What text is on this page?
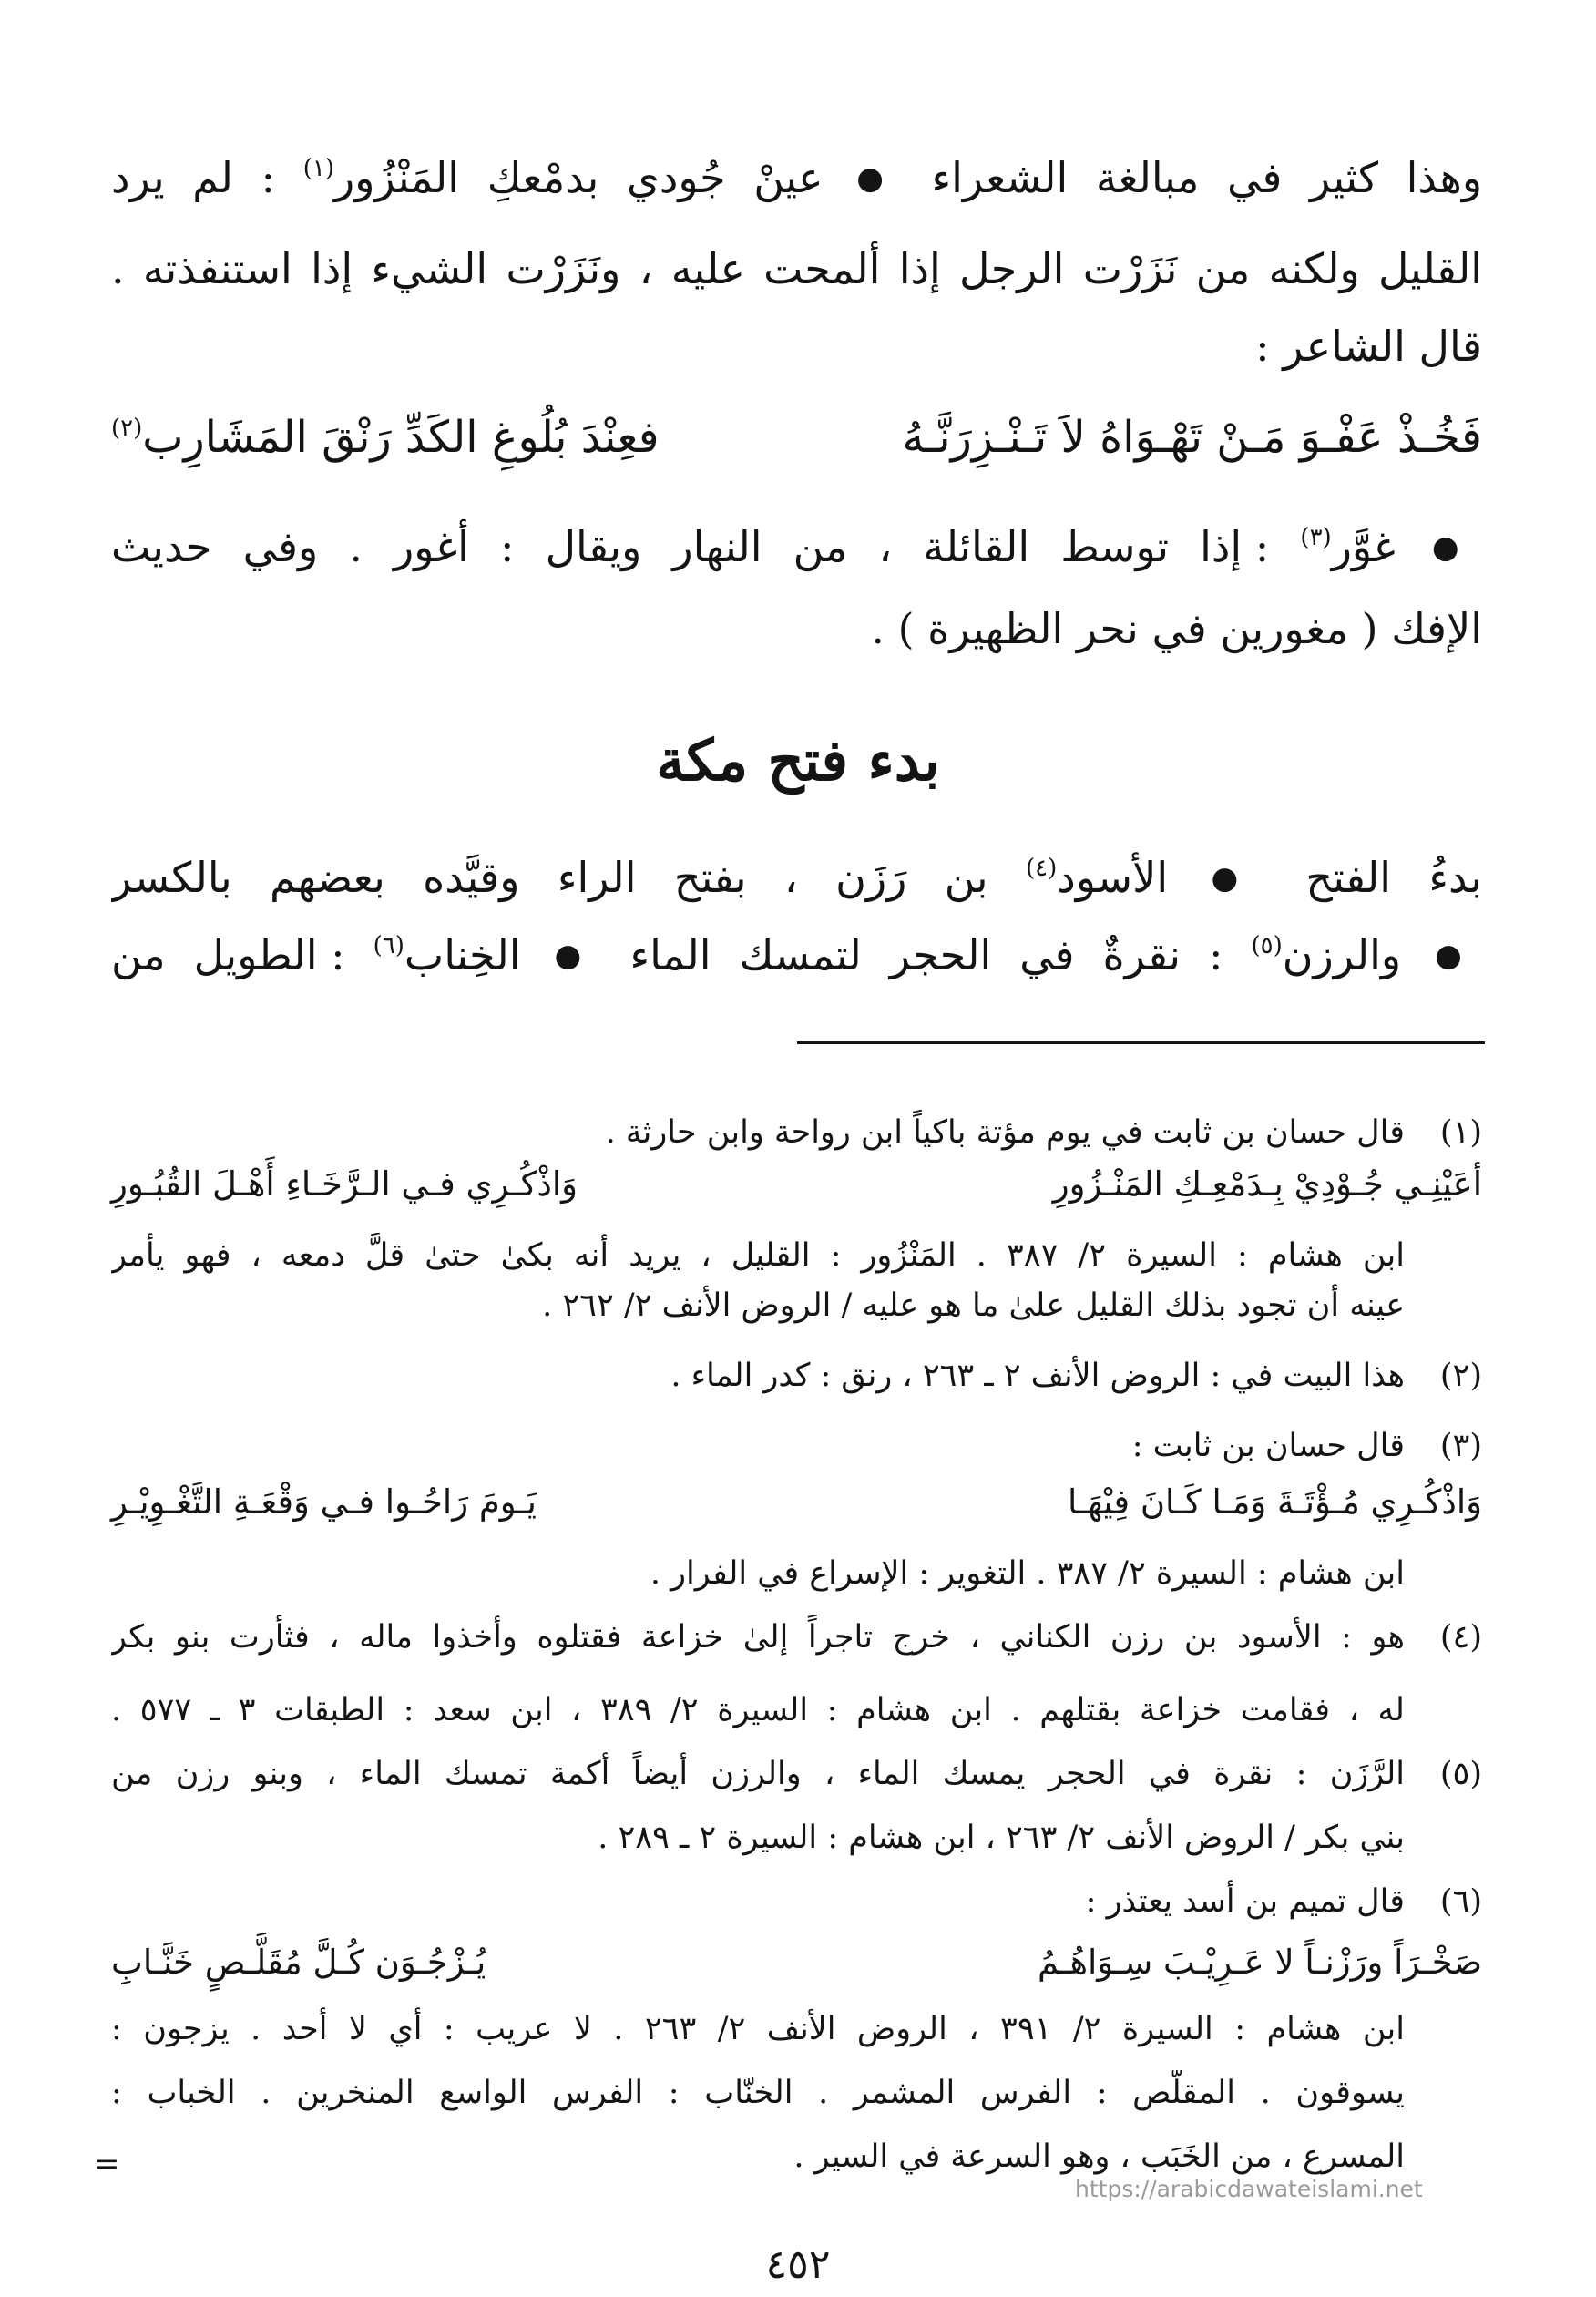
وهذا كثير في مبالغة الشعراء ● عينْ جُودي بدمْعكِ المَنْزُور$^{(١)}$ : لم يرد
القليل ولكنه من نَزَرْت الرجل إذا ألمحت عليه ، ونَزَرْت الشيء إذا استنفذته .
قال الشاعر :
فَخُـذْ عَفْـوَ مَـنْ تَهْـوَاهُ لاَ تَـنْـزِرَنَّـهُ
فعِنْدَ بُلُوغِ الكَدِّ رَنْقَ المَشَارِب$^{(٢)}$
● غوَّر$^{(٣)}$ : إذا توسط القائلة ، من النهار ويقال : أغور . وفي حديث
الإفك ( مغورين في نحر الظهيرة ) .
بدء فتح مكة
بدءُ الفتح ● الأسود$^{(٤)}$ بن رَزَن ، بفتح الراء وقيَّده بعضهم بالكسر
● والرزن$^{(٥)}$ : نقرةٌ في الحجر لتمسك الماء ● الخِناب$^{(٦)}$ : الطويل من
(١)
قال حسان بن ثابت في يوم مؤتة باكياً ابن رواحة وابن حارثة .
أعَيْنِـي جُـوْدِيْ بِـدَمْعِـكِ المَنْـزُورِ
وَاذْكُـرِي فـي الـرَّخَـاءِ أَهْـلَ القُبُـورِ
ابن هشام : السيرة ٢/ ٣٨٧ . المَنْزُور : القليل ، يريد أنه بكىٰ حتىٰ قلَّ دمعه ، فهو يأمر
عينه أن تجود بذلك القليل علىٰ ما هو عليه / الروض الأنف ٢/ ٢٦٢ .
(٢)
هذا البيت في : الروض الأنف ٢ ـ ٢٦٣ ، رنق : كدر الماء .
(٣)
قال حسان بن ثابت :
وَاذْكُـرِي مُـؤْتَـةَ وَمَـا كَـانَ فِيْهَـا
يَـومَ رَاحُـوا فـي وَقْعَـةِ التَّغْـوِيْـرِ
ابن هشام : السيرة ٢/ ٣٨٧ . التغوير : الإسراع في الفرار .
(٤)
هو : الأسود بن رزن الكناني ، خرج تاجراً إلىٰ خزاعة فقتلوه وأخذوا ماله ، فثأرت بنو بكر
له ، فقامت خزاعة بقتلهم . ابن هشام : السيرة ٢/ ٣٨٩ ، ابن سعد : الطبقات ٣ ـ ٥٧٧ .
(٥)
الرَّزَن : نقرة في الحجر يمسك الماء ، والرزن أيضاً أكمة تمسك الماء ، وبنو رزن من
بني بكر / الروض الأنف ٢/ ٢٦٣ ، ابن هشام : السيرة ٢ ـ ٢٨٩ .
(٦)
قال تميم بن أسد يعتذر :
صَخْـرَاً ورَزْنـاً لا عَـرِيْـبَ سِـوَاهُـمُ
يُـزْجُـوَن كُـلَّ مُقَلَّـصٍ خَنَّـابِ
ابن هشام : السيرة ٢/ ٣٩١ ، الروض الأنف ٢/ ٢٦٣ . لا عريب : أي لا أحد . يزجون :
يسوقون . المقلّص : الفرس المشمر . الخنّاب : الفرس الواسع المنخرين . الخباب :
المسرع ، من الخَبَب ، وهو السرعة في السير .
=
https://arabicdawateislami.net
٤٥٢
